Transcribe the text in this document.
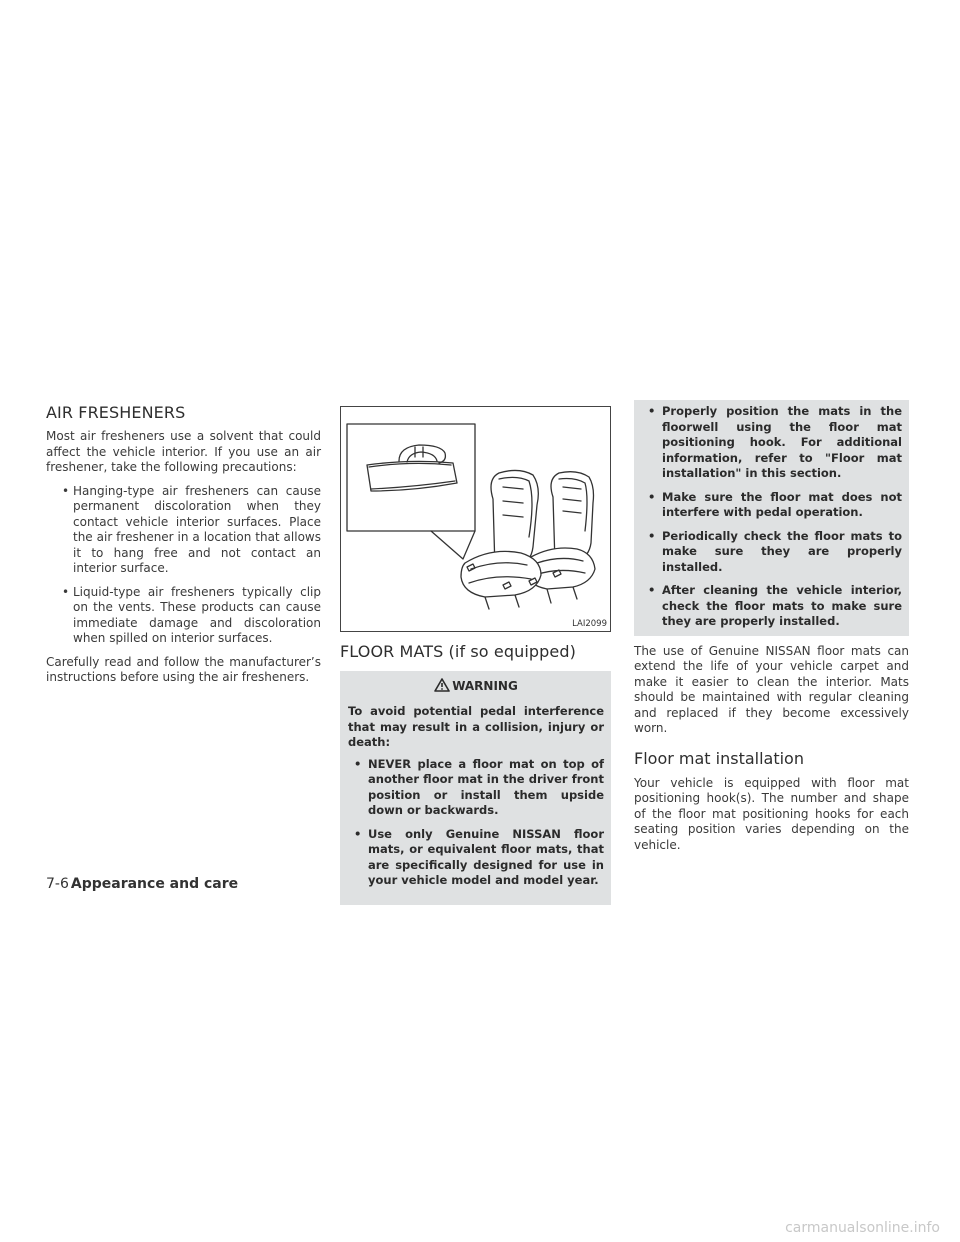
AIR FRESHENERS

Most air fresheners use a solvent that could affect the vehicle interior. If you use an air freshener, take the following precautions:

• Hanging-type air fresheners can cause permanent discoloration when they contact vehicle interior surfaces. Place the air freshener in a location that allows it to hang free and not contact an interior surface.
• Liquid-type air fresheners typically clip on the vents. These products can cause immediate damage and discoloration when spilled on interior surfaces.

Carefully read and follow the manufacturer’s instructions before using the air fresheners.

LAI2099
FLOOR MATS (if so equipped)
WARNING

To avoid potential pedal interference that may result in a collision, injury or death:

• NEVER place a floor mat on top of another floor mat in the driver front position or install them upside down or backwards.
• Use only Genuine NISSAN floor mats, or equivalent floor mats, that are specifically designed for use in your vehicle model and model year.
• Properly position the mats in the floorwell using the floor mat positioning hook. For additional information, refer to "Floor mat installation" in this section.
• Make sure the floor mat does not interfere with pedal operation.
• Periodically check the floor mats to make sure they are properly installed.
• After cleaning the vehicle interior, check the floor mats to make sure they are properly installed.

The use of Genuine NISSAN floor mats can extend the life of your vehicle carpet and make it easier to clean the interior. Mats should be maintained with regular cleaning and replaced if they become excessively worn.

Floor mat installation

Your vehicle is equipped with floor mat positioning hook(s). The number and shape of the floor mat positioning hooks for each seating position varies depending on the vehicle.

7-6 Appearance and care
carmanualsonline.info
